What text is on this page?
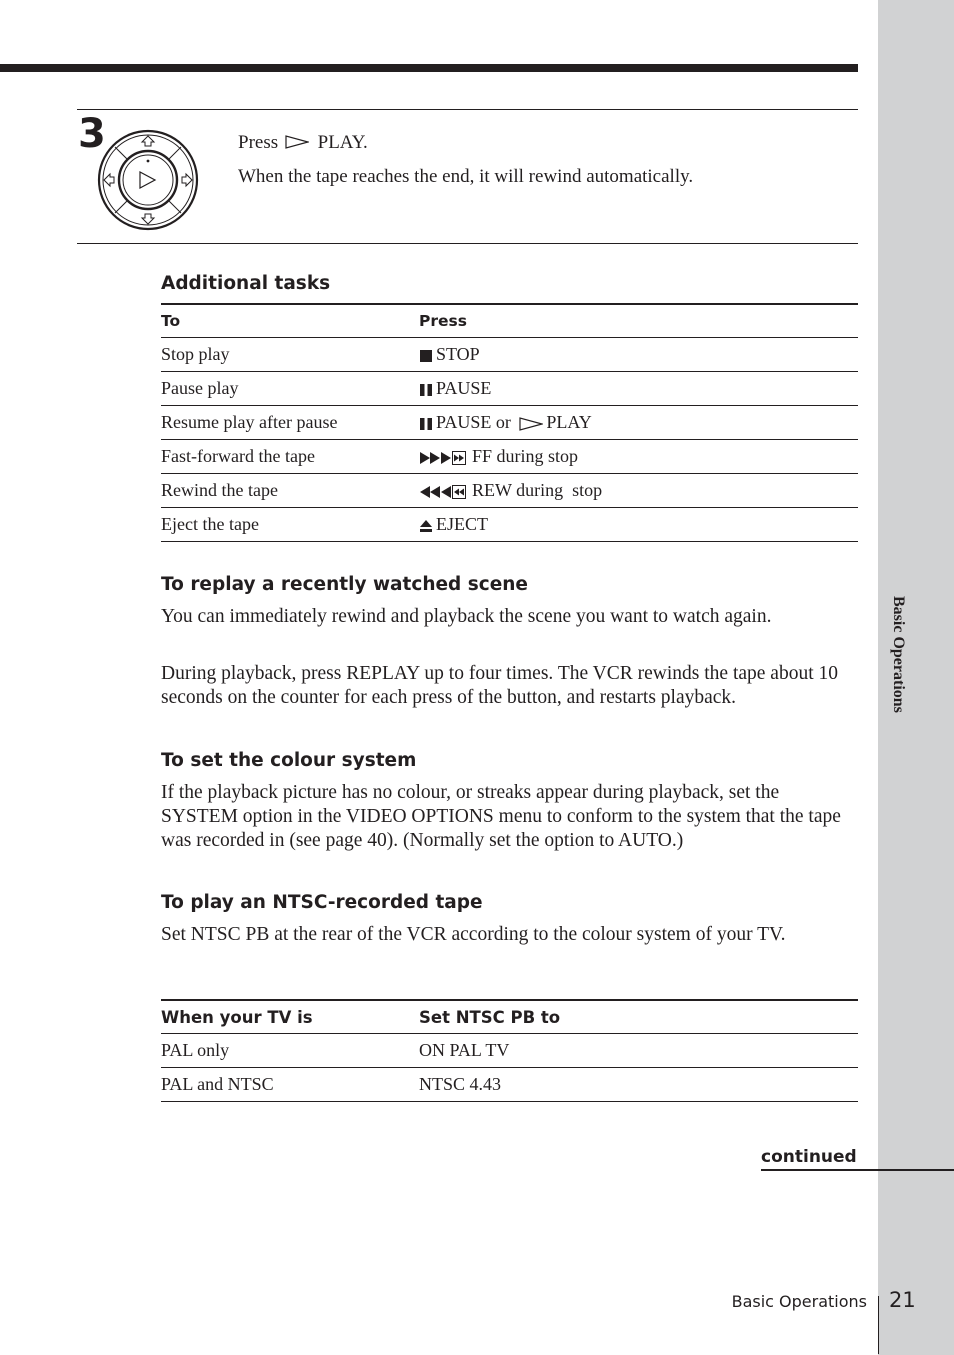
Basic Operations
3	Press PLAY.

When the tape reaches the end, it will rewind automatically.

Additional tasks
To	Press
Stop play	STOP
Pause play	PAUSE
Resume play after pause	PAUSE or PLAY
Fast-forward the tape	FF during stop
Rewind the tape	REW during  stop
Eject the tape	EJECT
To replay a recently watched scene

You can immediately rewind and playback the scene you want to watch again.

During playback, press REPLAY up to four times. The VCR rewinds the tape about 10 seconds on the counter for each press of the button, and restarts playback.

To set the colour system

If the playback picture has no colour, or streaks appear during playback, set the SYSTEM option in the VIDEO OPTIONS menu to conform to the system that the tape was recorded in (see page 40). (Normally set the option to AUTO.)

To play an NTSC-recorded tape

Set NTSC PB at the rear of the VCR according to the colour system of your TV.

When your TV is	Set NTSC PB to
PAL only	ON PAL TV
PAL and NTSC	NTSC 4.43
continued
Basic Operations 21
